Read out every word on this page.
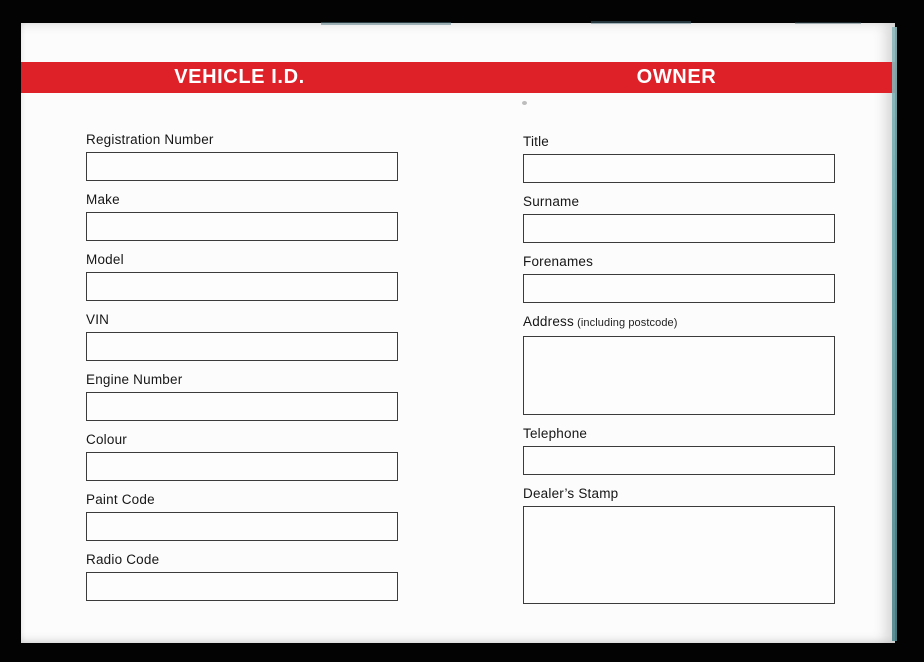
VEHICLE I.D.	OWNER
Registration Number
Make
Model
VIN
Engine Number
Colour
Paint Code
Radio Code
Title
Surname
Forenames
Address (including postcode)
Telephone
Dealer’s Stamp
